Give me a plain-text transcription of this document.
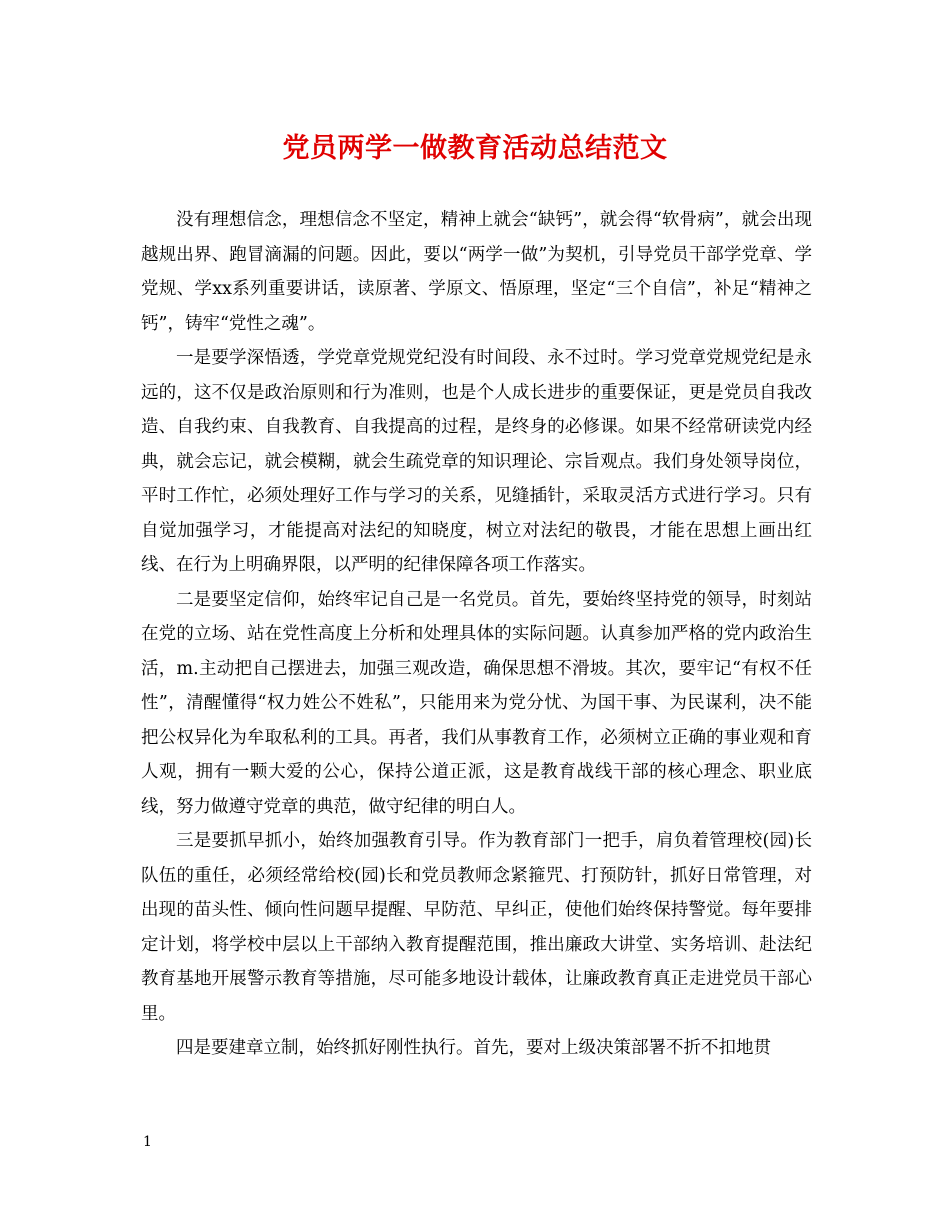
党员两学一做教育活动总结范文

没有理想信念，理想信念不坚定，精神上就会“缺钙”，就会得“软骨病”，就会出现越规出界、跑冒滴漏的问题。因此，要以“两学一做”为契机，引导党员干部学党章、学党规、学xx系列重要讲话，读原著、学原文、悟原理，坚定“三个自信”，补足“精神之钙”，铸牢“党性之魂”。

一是要学深悟透，学党章党规党纪没有时间段、永不过时。学习党章党规党纪是永远的，这不仅是政治原则和行为准则，也是个人成长进步的重要保证，更是党员自我改造、自我约束、自我教育、自我提高的过程，是终身的必修课。如果不经常研读党内经典，就会忘记，就会模糊，就会生疏党章的知识理论、宗旨观点。我们身处领导岗位，平时工作忙，必须处理好工作与学习的关系，见缝插针，采取灵活方式进行学习。只有自觉加强学习，才能提高对法纪的知晓度，树立对法纪的敬畏，才能在思想上画出红线、在行为上明确界限，以严明的纪律保障各项工作落实。

二是要坚定信仰，始终牢记自己是一名党员。首先，要始终坚持党的领导，时刻站在党的立场、站在党性高度上分析和处理具体的实际问题。认真参加严格的党内政治生活，m.主动把自己摆进去，加强三观改造，确保思想不滑坡。其次，要牢记“有权不任性”，清醒懂得“权力姓公不姓私”，只能用来为党分忧、为国干事、为民谋利，决不能把公权异化为牟取私利的工具。再者，我们从事教育工作，必须树立正确的事业观和育人观，拥有一颗大爱的公心，保持公道正派，这是教育战线干部的核心理念、职业底线，努力做遵守党章的典范，做守纪律的明白人。

三是要抓早抓小，始终加强教育引导。作为教育部门一把手，肩负着管理校(园)长队伍的重任，必须经常给校(园)长和党员教师念紧箍咒、打预防针，抓好日常管理，对出现的苗头性、倾向性问题早提醒、早防范、早纠正，使他们始终保持警觉。每年要排定计划，将学校中层以上干部纳入教育提醒范围，推出廉政大讲堂、实务培训、赴法纪教育基地开展警示教育等措施，尽可能多地设计载体，让廉政教育真正走进党员干部心里。

四是要建章立制，始终抓好刚性执行。首先，要对上级决策部署不折不扣地贯

1
